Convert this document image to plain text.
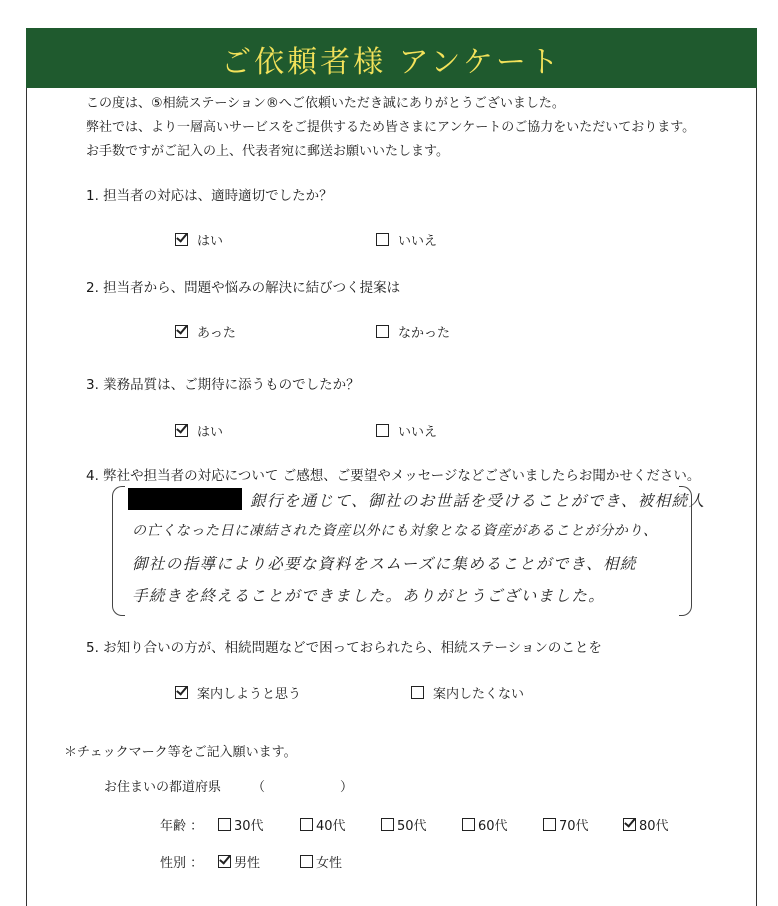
ご依頼者様 アンケート
この度は、⑤相続ステーション®へご依頼いただき誠にありがとうございました。
弊社では、より一層高いサービスをご提供するため皆さまにアンケートのご協力をいただいております。
お手数ですがご記入の上、代表者宛に郵送お願いいたします。
1. 担当者の対応は、適時適切でしたか？
はい	いいえ
2. 担当者から、問題や悩みの解決に結びつく提案は
あった	なかった
3. 業務品質は、ご期待に添うものでしたか？
はい	いいえ
4. 弊社や担当者の対応について ご感想、ご要望やメッセージなどございましたらお聞かせください。
銀行を通じて、御社のお世話を受けることができ、被相続人
の亡くなった日に凍結された資産以外にも対象となる資産があることが分かり、
御社の指導により必要な資料をスムーズに集めることができ、相続
手続きを終えることができました。ありがとうございました。
5. お知り合いの方が、相続問題などで困っておられたら、相続ステーションのことを
案内しようと思う	案内したくない
＊チェックマーク等をご記入願います。
お住まいの都道府県 （	）
年齢 ： 30代	40代	50代	60代	70代	80代
性別 ： 男性	女性
